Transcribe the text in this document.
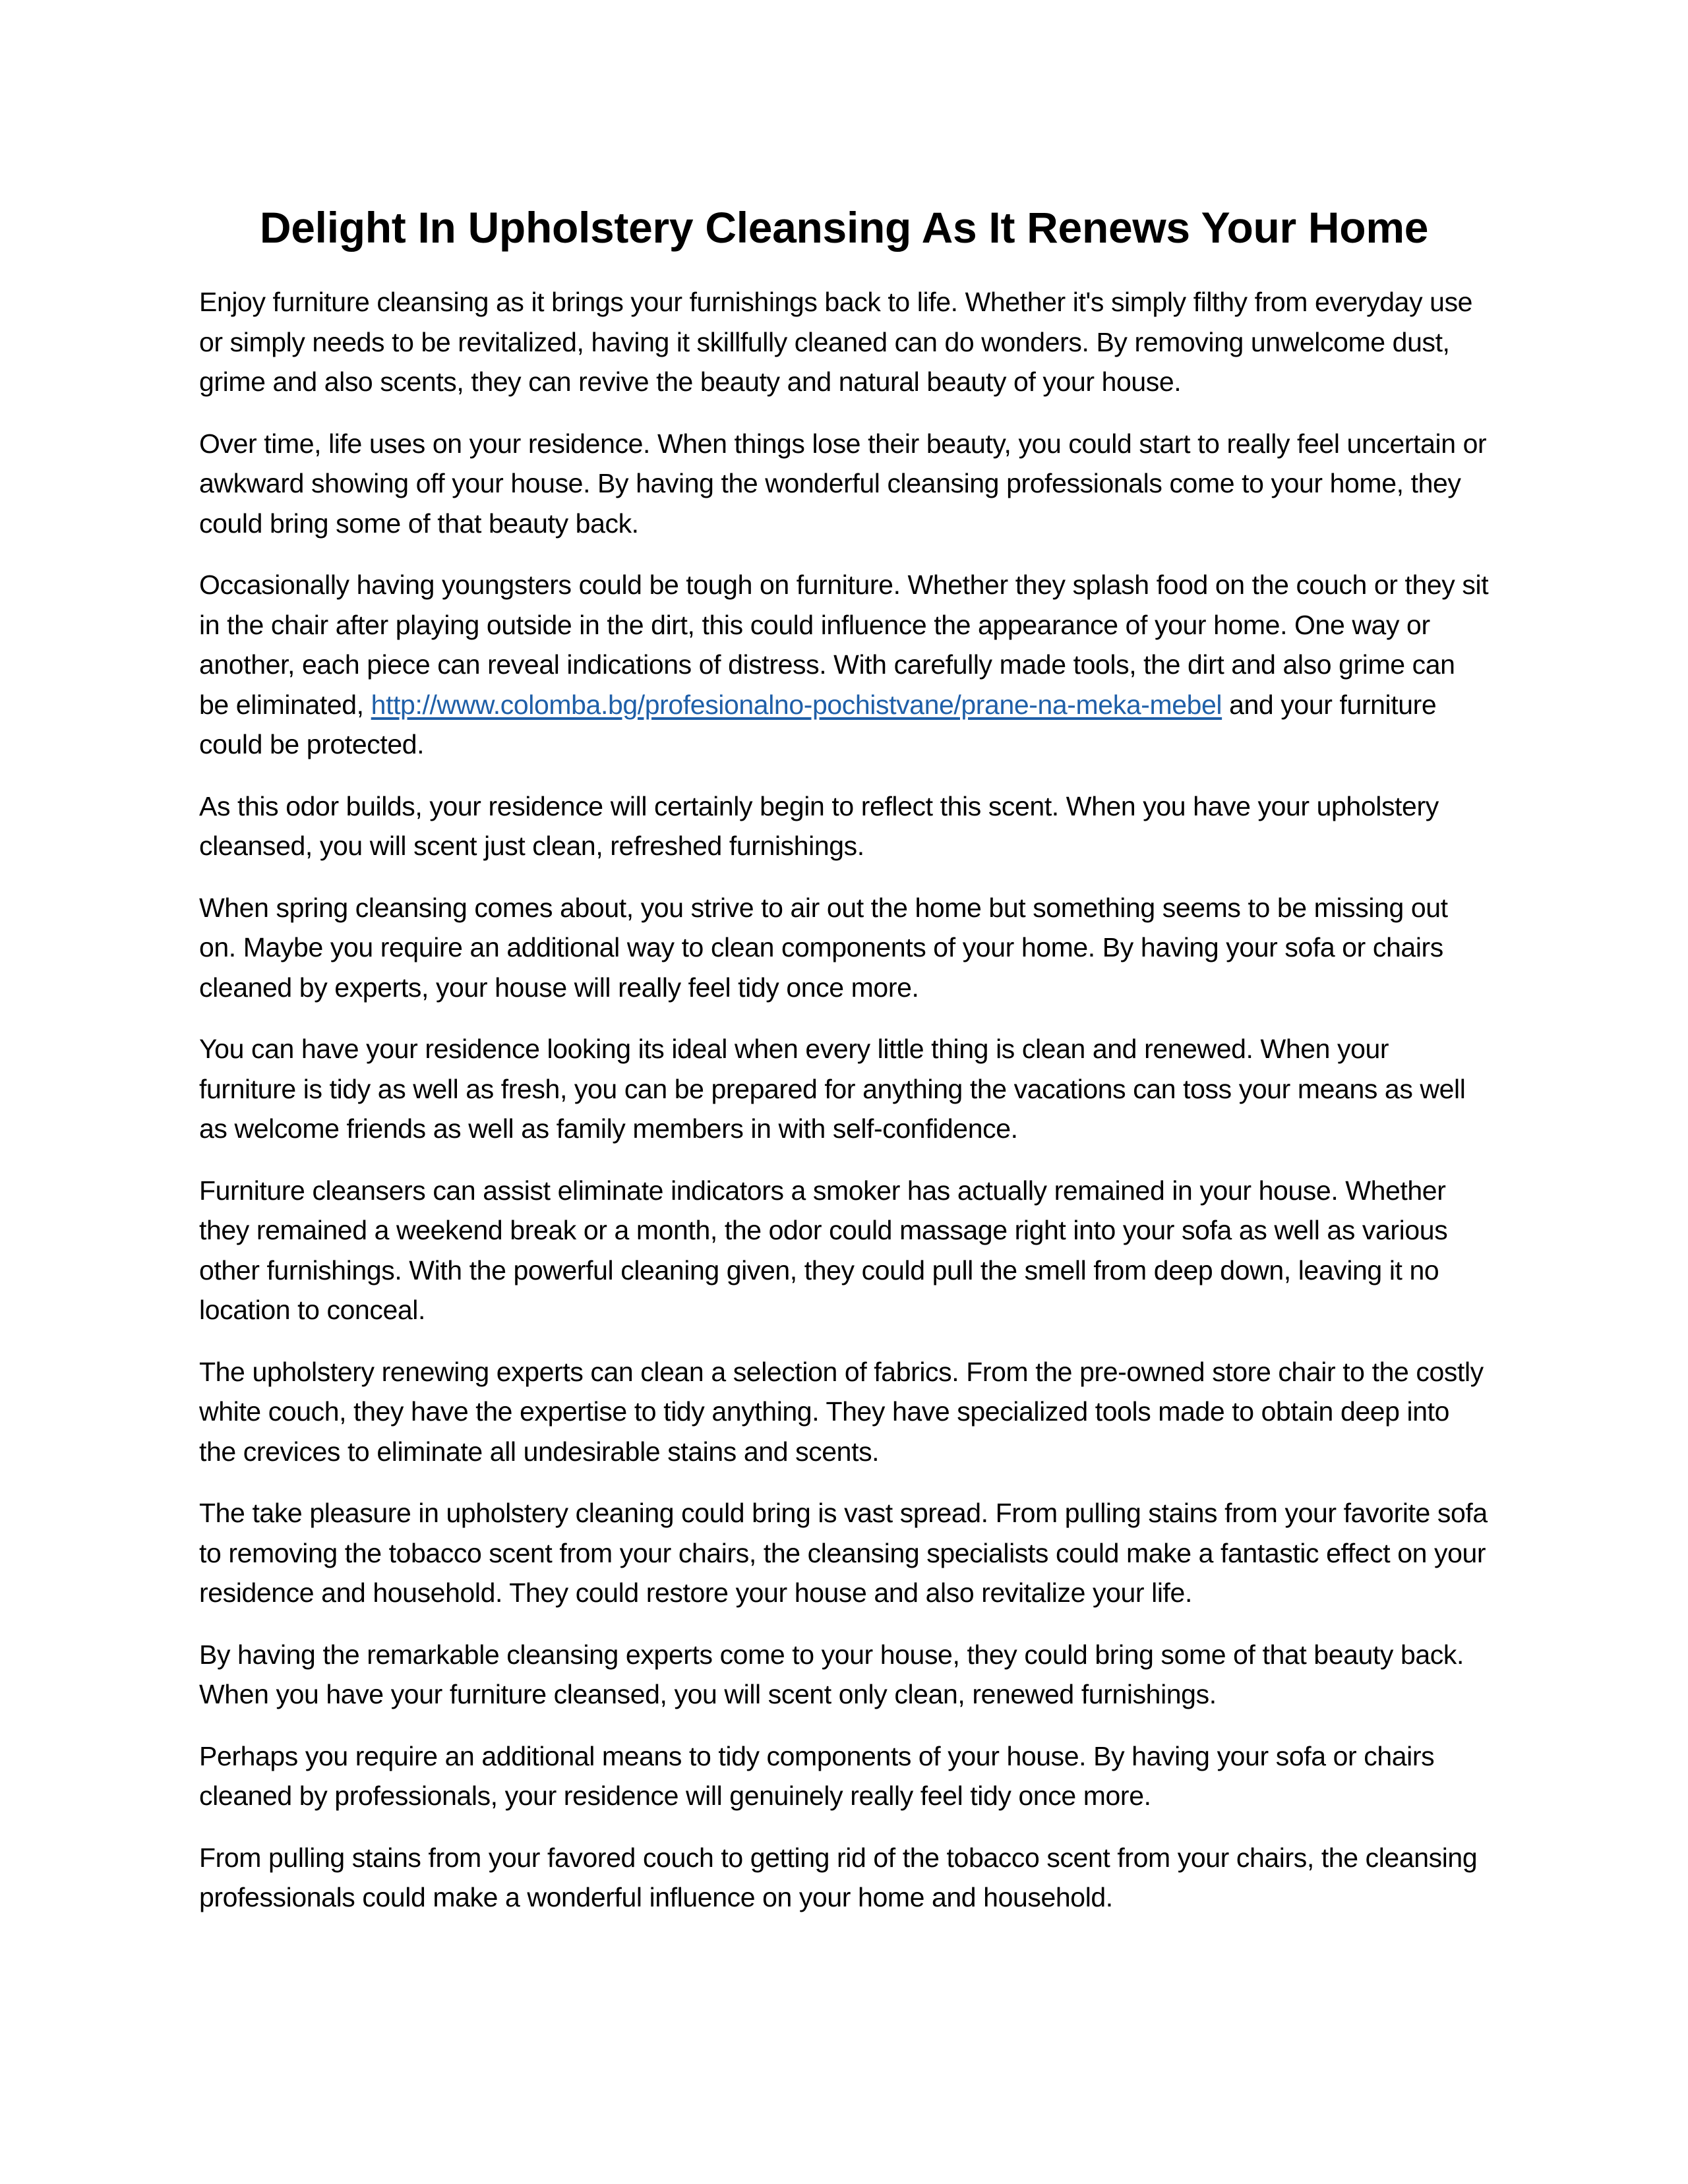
Delight In Upholstery Cleansing As It Renews Your Home

Enjoy furniture cleansing as it brings your furnishings back to life. Whether it's simply filthy from everyday use or simply needs to be revitalized, having it skillfully cleaned can do wonders. By removing unwelcome dust, grime and also scents, they can revive the beauty and natural beauty of your house.

Over time, life uses on your residence. When things lose their beauty, you could start to really feel uncertain or awkward showing off your house. By having the wonderful cleansing professionals come to your home, they could bring some of that beauty back.

Occasionally having youngsters could be tough on furniture. Whether they splash food on the couch or they sit in the chair after playing outside in the dirt, this could influence the appearance of your home. One way or another, each piece can reveal indications of distress. With carefully made tools, the dirt and also grime can be eliminated, http://www.colomba.bg/profesionalno-pochistvane/prane-na-meka-mebel and your furniture could be protected.

As this odor builds, your residence will certainly begin to reflect this scent. When you have your upholstery cleansed, you will scent just clean, refreshed furnishings.

When spring cleansing comes about, you strive to air out the home but something seems to be missing out on. Maybe you require an additional way to clean components of your home. By having your sofa or chairs cleaned by experts, your house will really feel tidy once more.

You can have your residence looking its ideal when every little thing is clean and renewed. When your furniture is tidy as well as fresh, you can be prepared for anything the vacations can toss your means as well as welcome friends as well as family members in with self-confidence.

Furniture cleansers can assist eliminate indicators a smoker has actually remained in your house. Whether they remained a weekend break or a month, the odor could massage right into your sofa as well as various other furnishings. With the powerful cleaning given, they could pull the smell from deep down, leaving it no location to conceal.

The upholstery renewing experts can clean a selection of fabrics. From the pre-owned store chair to the costly white couch, they have the expertise to tidy anything. They have specialized tools made to obtain deep into the crevices to eliminate all undesirable stains and scents.

The take pleasure in upholstery cleaning could bring is vast spread. From pulling stains from your favorite sofa to removing the tobacco scent from your chairs, the cleansing specialists could make a fantastic effect on your residence and household. They could restore your house and also revitalize your life.

By having the remarkable cleansing experts come to your house, they could bring some of that beauty back. When you have your furniture cleansed, you will scent only clean, renewed furnishings.

Perhaps you require an additional means to tidy components of your house. By having your sofa or chairs cleaned by professionals, your residence will genuinely really feel tidy once more.

From pulling stains from your favored couch to getting rid of the tobacco scent from your chairs, the cleansing professionals could make a wonderful influence on your home and household.
